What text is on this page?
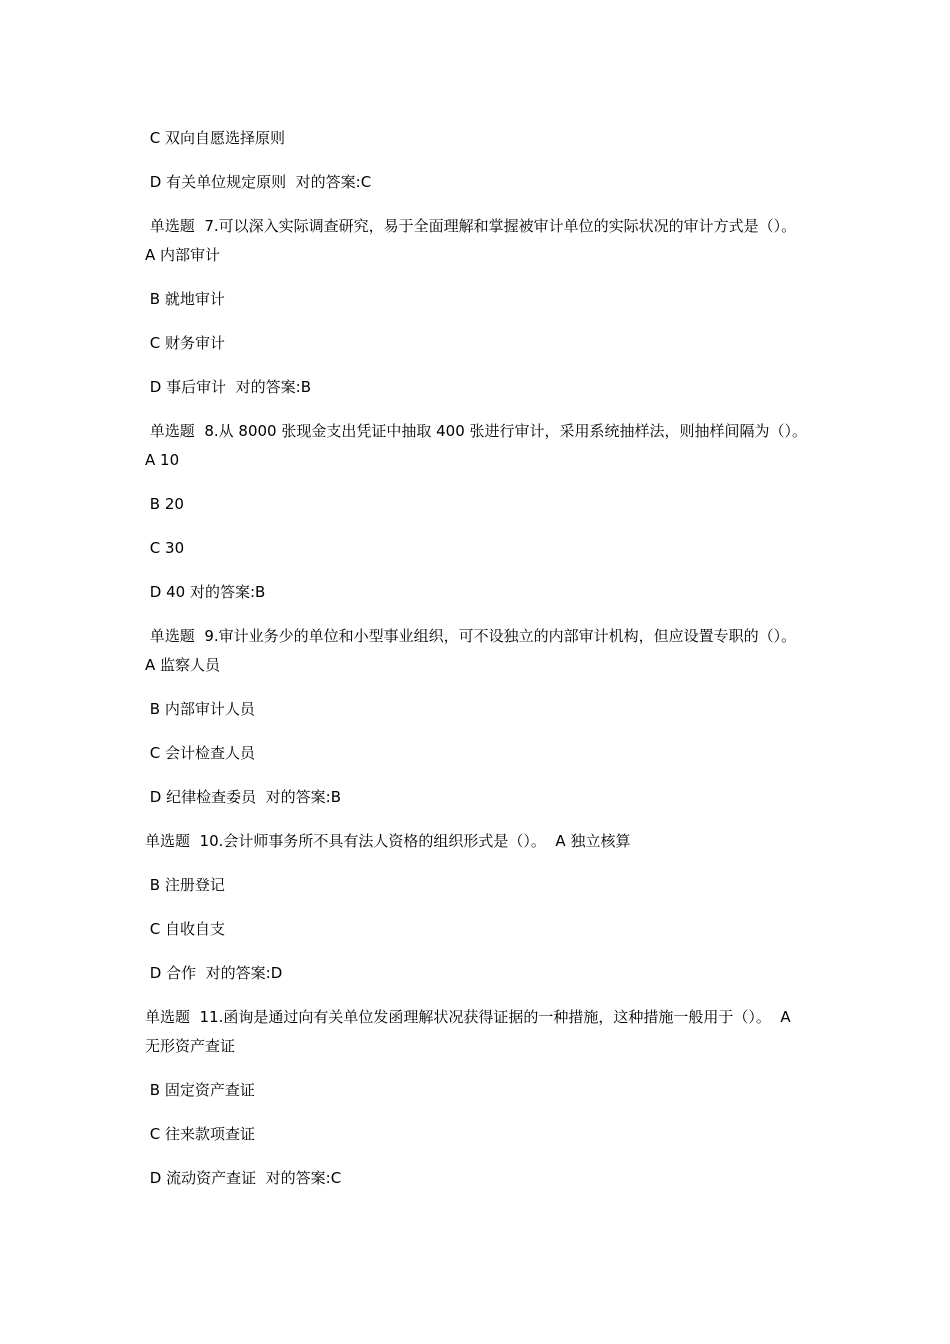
C 双向自愿选择原则
D 有关单位规定原则  对的答案:C
单选题  7.可以深入实际调查研究，易于全面理解和掌握被审计单位的实际状况的审计方式是（）。  A 内部审计
B 就地审计
C 财务审计
D 事后审计  对的答案:B
单选题  8.从 8000 张现金支出凭证中抽取 400 张进行审计，采用系统抽样法，则抽样间隔为（）。  A 10
B 20
C 30
D 40 对的答案:B
单选题  9.审计业务少的单位和小型事业组织，可不设独立的内部审计机构，但应设置专职的（）。  A 监察人员
B 内部审计人员
C 会计检查人员
D 纪律检查委员  对的答案:B
单选题  10.会计师事务所不具有法人资格的组织形式是（）。  A 独立核算
B 注册登记
C 自收自支
D 合作  对的答案:D
单选题  11.函询是通过向有关单位发函理解状况获得证据的一种措施，这种措施一般用于（）。  A 无形资产查证
B 固定资产查证
C 往来款项查证
D 流动资产查证  对的答案:C
